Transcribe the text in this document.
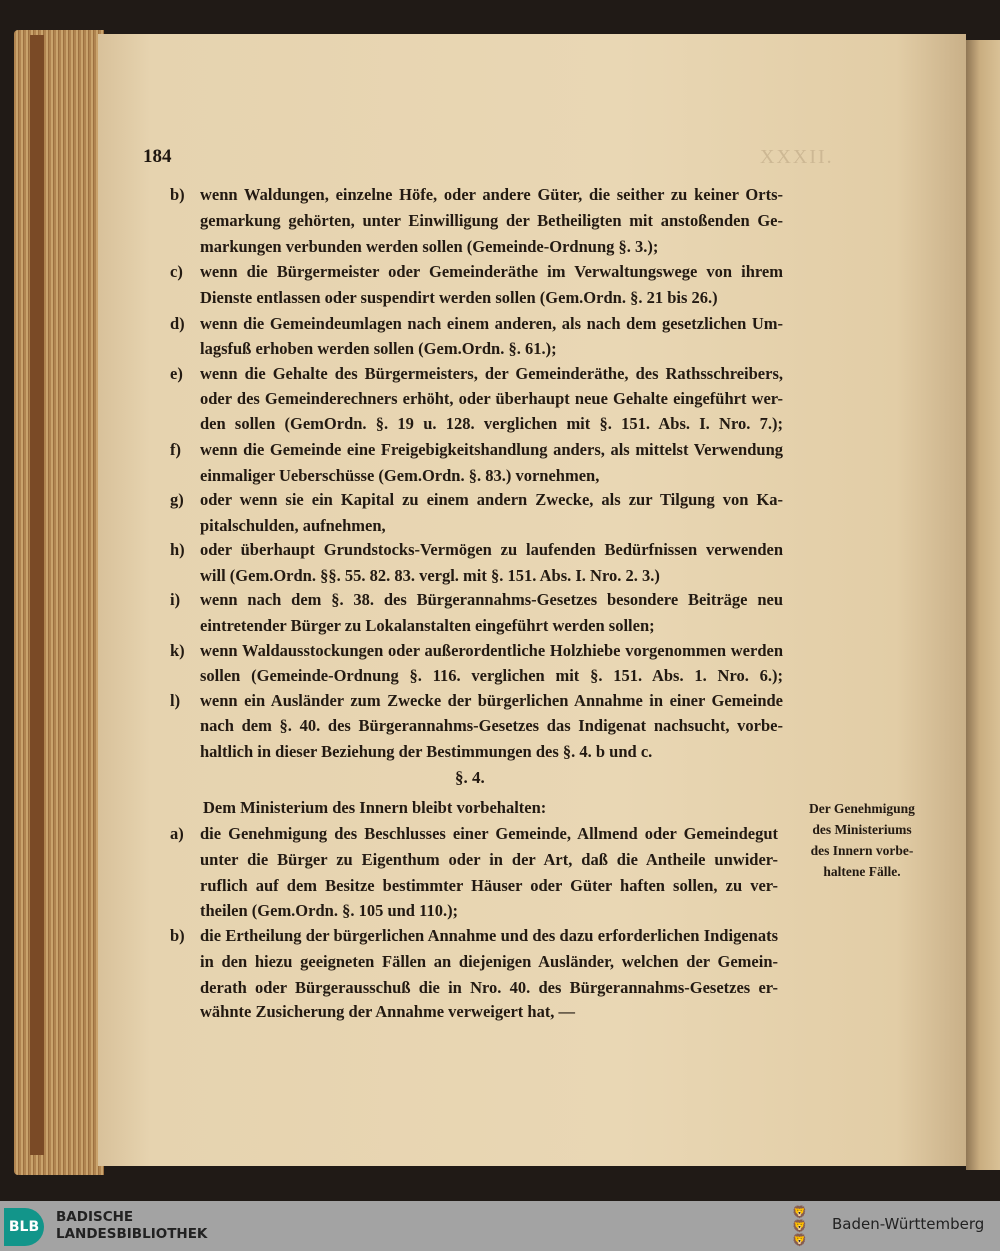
XXXII.
184
b) wenn Waldungen, einzelne Höfe, oder andere Güter, die seither zu keiner Orts-
gemarkung gehörten, unter Einwilligung der Betheiligten mit anstoßenden Ge-
markungen verbunden werden sollen (Gemeinde-Ordnung §. 3.);
c) wenn die Bürgermeister oder Gemeinderäthe im Verwaltungswege von ihrem
Dienste entlassen oder suspendirt werden sollen (Gem.Ordn. §. 21 bis 26.)
d) wenn die Gemeindeumlagen nach einem anderen, als nach dem gesetzlichen Um-
lagsfuß erhoben werden sollen (Gem.Ordn. §. 61.);
e) wenn die Gehalte des Bürgermeisters, der Gemeinderäthe, des Rathsschreibers,
oder des Gemeinderechners erhöht, oder überhaupt neue Gehalte eingeführt wer-
den sollen (GemOrdn. §. 19 u. 128. verglichen mit §. 151. Abs. I. Nro. 7.);
f) wenn die Gemeinde eine Freigebigkeitshandlung anders, als mittelst Verwendung
einmaliger Ueberschüsse (Gem.Ordn. §. 83.) vornehmen,
g) oder wenn sie ein Kapital zu einem andern Zwecke, als zur Tilgung von Ka-
pitalschulden, aufnehmen,
h) oder überhaupt Grundstocks-Vermögen zu laufenden Bedürfnissen verwenden
will (Gem.Ordn. §§. 55. 82. 83. vergl. mit §. 151. Abs. I. Nro. 2. 3.)
i) wenn nach dem §. 38. des Bürgerannahms-Gesetzes besondere Beiträge neu
eintretender Bürger zu Lokalanstalten eingeführt werden sollen;
k) wenn Waldausstockungen oder außerordentliche Holzhiebe vorgenommen werden
sollen (Gemeinde-Ordnung §. 116. verglichen mit §. 151. Abs. 1. Nro. 6.);
l) wenn ein Ausländer zum Zwecke der bürgerlichen Annahme in einer Gemeinde
nach dem §. 40. des Bürgerannahms-Gesetzes das Indigenat nachsucht, vorbe-
haltlich in dieser Beziehung der Bestimmungen des §. 4. b und c.
Dem Ministerium des Innern bleibt vorbehalten:
a) die Genehmigung des Beschlusses einer Gemeinde, Allmend oder Gemeindegut
unter die Bürger zu Eigenthum oder in der Art, daß die Antheile unwider-
ruflich auf dem Besitze bestimmter Häuser oder Güter haften sollen, zu ver-
theilen (Gem.Ordn. §. 105 und 110.);
b) die Ertheilung der bürgerlichen Annahme und des dazu erforderlichen Indigenats
in den hiezu geeigneten Fällen an diejenigen Ausländer, welchen der Gemein-
derath oder Bürgerausschuß die in Nro. 40. des Bürgerannahms-Gesetzes er-
wähnte Zusicherung der Annahme verweigert hat, —
§. 4.
Der Genehmigung
des Ministeriums
des Innern vorbe-
haltene Fälle.
BLB
BADISCHE
LANDESBIBLIOTHEK
🦁
🦁
🦁
Baden-Württemberg
